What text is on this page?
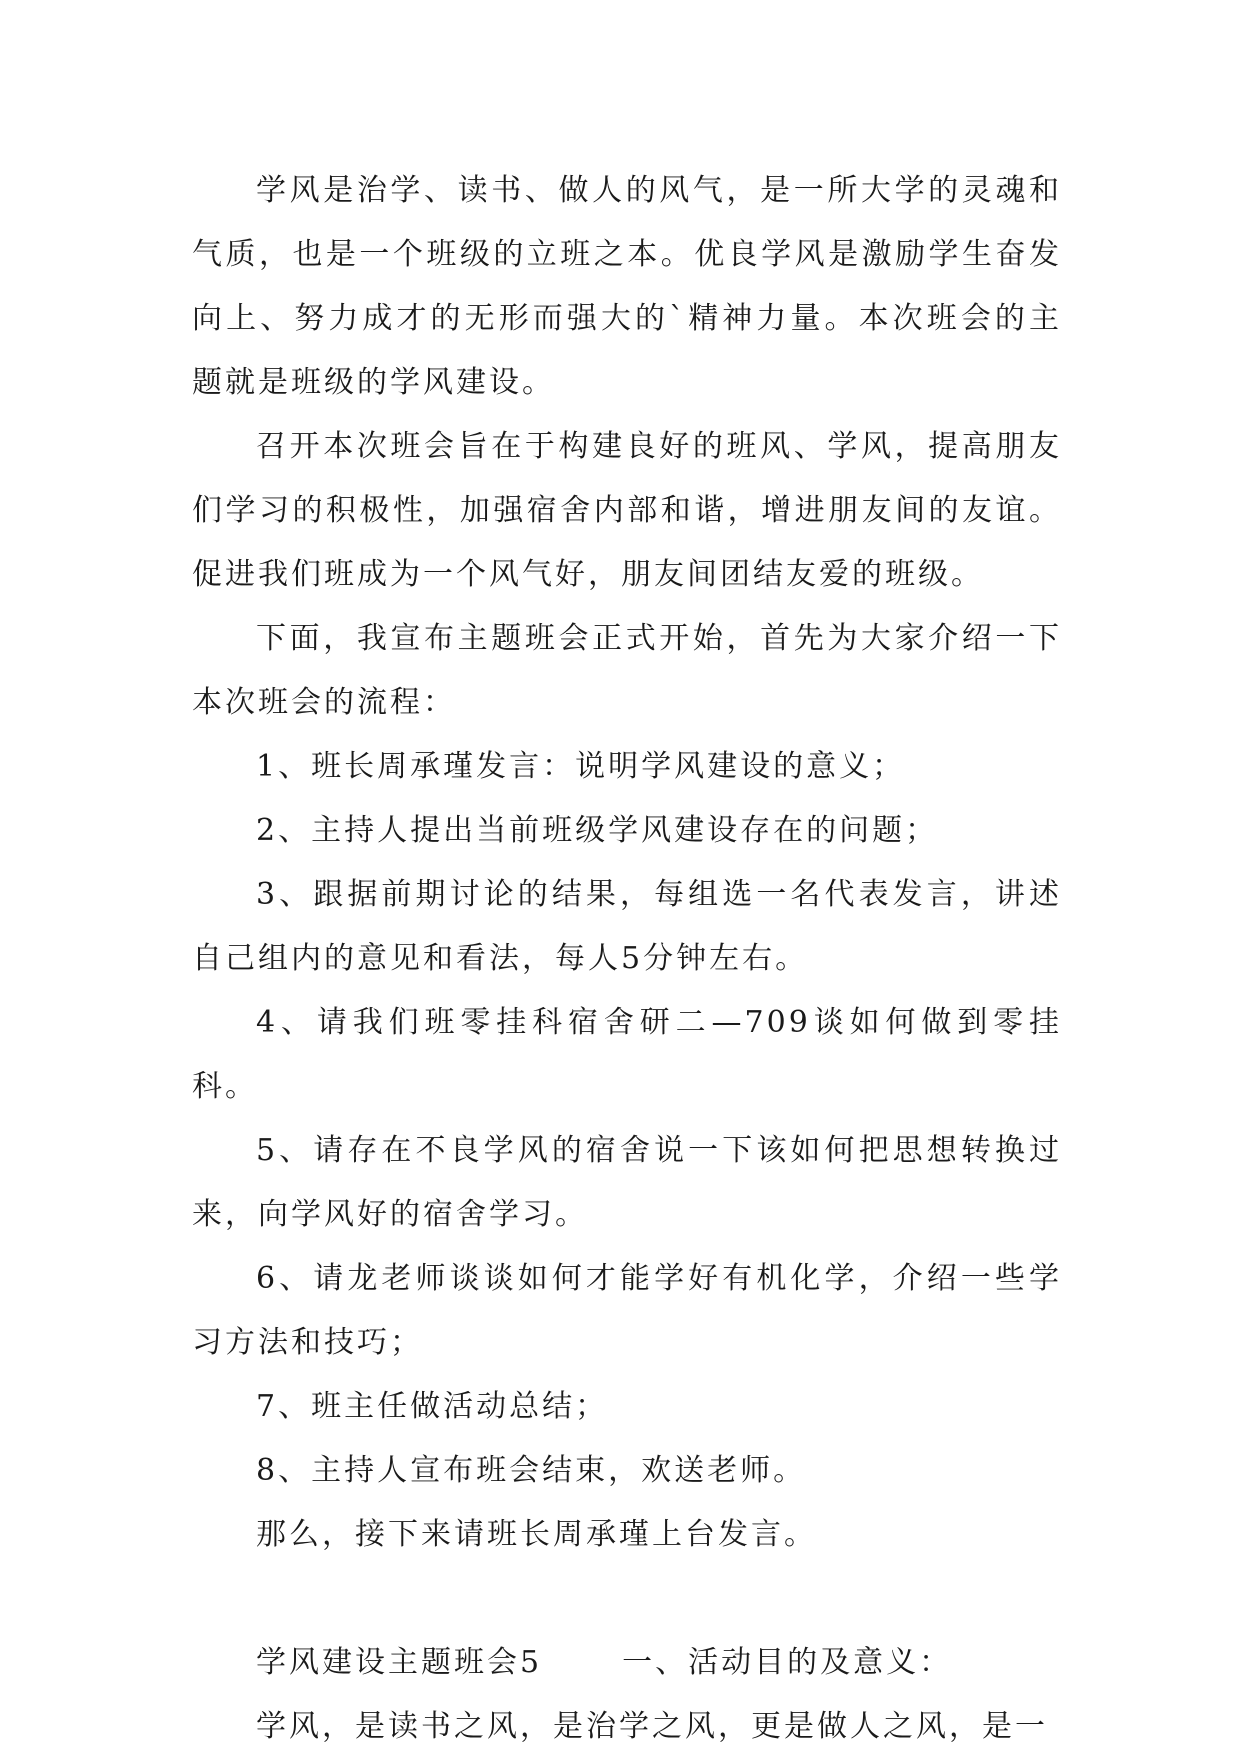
学风是治学、读书、做人的风气，是一所大学的灵魂和气质，也是一个班级的立班之本。优良学风是激励学生奋发向上、努力成才的无形而强大的`精神力量。本次班会的主题就是班级的学风建设。

召开本次班会旨在于构建良好的班风、学风，提高朋友们学习的积极性，加强宿舍内部和谐，增进朋友间的友谊。促进我们班成为一个风气好，朋友间团结友爱的班级。

下面，我宣布主题班会正式开始，首先为大家介绍一下本次班会的流程：

1、班长周承瑾发言：说明学风建设的意义；

2、主持人提出当前班级学风建设存在的问题；

3、跟据前期讨论的结果，每组选一名代表发言，讲述自己组内的意见和看法，每人5分钟左右。

4、请我们班零挂科宿舍研二—709谈如何做到零挂科。

5、请存在不良学风的宿舍说一下该如何把思想转换过来，向学风好的宿舍学习。

6、请龙老师谈谈如何才能学好有机化学，介绍一些学习方法和技巧；

7、班主任做活动总结；

8、主持人宣布班会结束，欢送老师。

那么，接下来请班长周承瑾上台发言。

学风建设主题班会5	一、活动目的及意义：

学风，是读书之风，是治学之风，更是做人之风，是一
